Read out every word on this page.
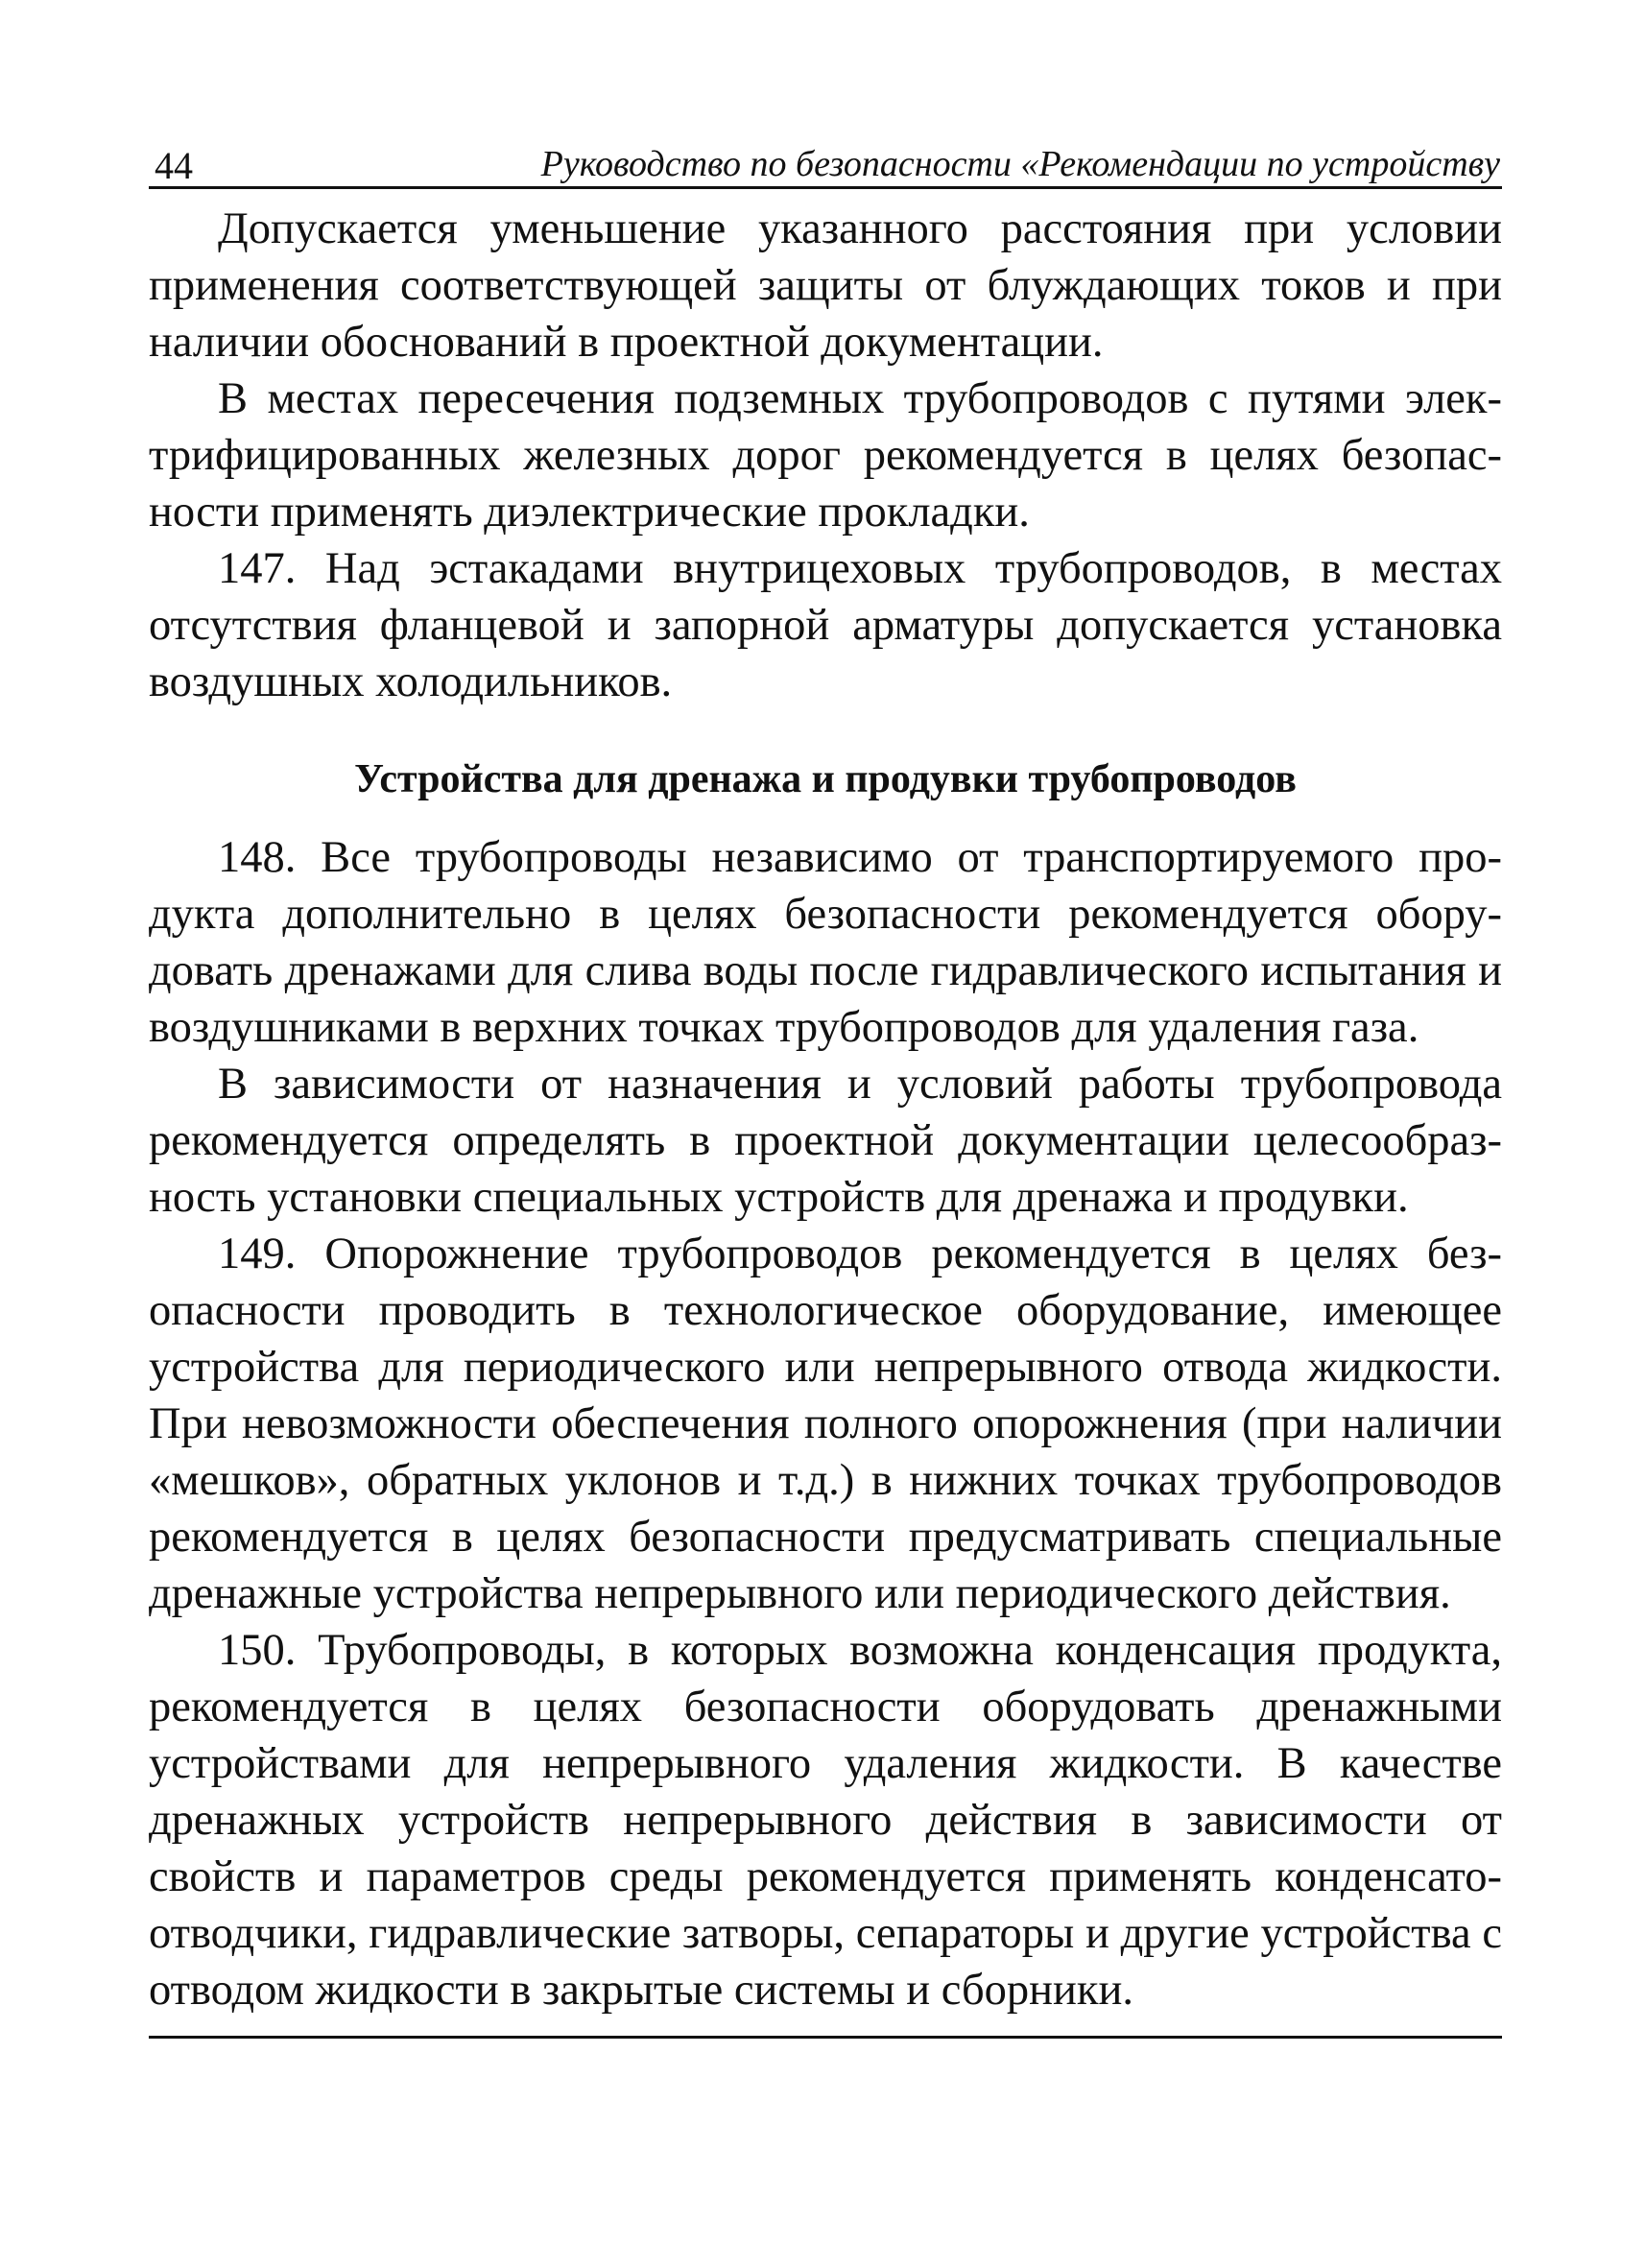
44	Руководство по безопасности «Рекомендации по устройству

Допускается уменьшение указанного расстояния при условии применения соответствующей защиты от блуждающих токов и при наличии обоснований в проектной документации.

В местах пересечения подземных трубопроводов с путями электрифицированных железных дорог рекомендуется в целях безопасности применять диэлектрические прокладки.

147. Над эстакадами внутрицеховых трубопроводов, в местах отсутствия фланцевой и запорной арматуры допускается установка воздушных холодильников.

Устройства для дренажа и продувки трубопроводов

148. Все трубопроводы независимо от транспортируемого продукта дополнительно в целях безопасности рекомендуется оборудовать дренажами для слива воды после гидравлического испытания и воздушниками в верхних точках трубопроводов для удаления газа.

В зависимости от назначения и условий работы трубопровода рекомендуется определять в проектной документации целесообразность установки специальных устройств для дренажа и продувки.

149. Опорожнение трубопроводов рекомендуется в целях безопасности проводить в технологическое оборудование, имеющее устройства для периодического или непрерывного отвода жидкости. При невозможности обеспечения полного опорожнения (при наличии «мешков», обратных уклонов и т.д.) в нижних точках трубопроводов рекомендуется в целях безопасности предусматривать специальные дренажные устройства непрерывного или периодического действия.

150. Трубопроводы, в которых возможна конденсация продукта, рекомендуется в целях безопасности оборудовать дренажными устройствами для непрерывного удаления жидкости. В качестве дренажных устройств непрерывного действия в зависимости от свойств и параметров среды рекомендуется применять конденсатоотводчики, гидравлические затворы, сепараторы и другие устройства с отводом жидкости в закрытые системы и сборники.
